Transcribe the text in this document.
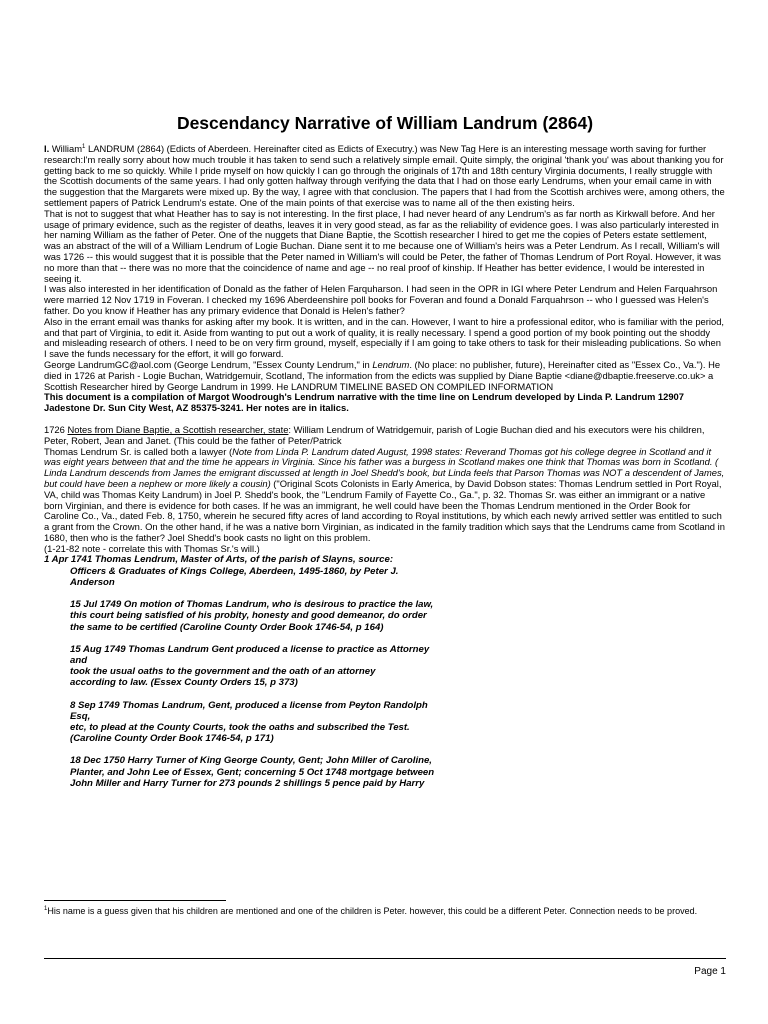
Descendancy Narrative of William Landrum (2864)

I. William$^1$ LANDRUM (2864) (Edicts of Aberdeen. Hereinafter cited as Edicts of Executry.) was New Tag Here is an interesting message worth saving for further research:I'm really sorry about how much trouble it has taken to send such a relatively simple email. Quite simply, the original 'thank you' was about thanking you for getting back to me so quickly. While I pride myself on how quickly I can go through the originals of 17th and 18th century Virginia documents, I really struggle with the Scottish documents of the same years. I had only gotten halfway through verifying the data that I had on those early Lendrums, when your email came in with the suggestion that the Margarets were mixed up. By the way, I agree with that conclusion. The papers that I had from the Scottish archives were, among others, the settlement papers of Patrick Lendrum's estate. One of the main points of that exercise was to name all of the then existing heirs.

That is not to suggest that what Heather has to say is not interesting. In the first place, I had never heard of any Lendrum's as far north as Kirkwall before. And her usage of primary evidence, such as the register of deaths, leaves it in very good stead, as far as the reliability of evidence goes. I was also particularly interested in her naming William as the father of Peter. One of the nuggets that Diane Baptie, the Scottish researcher I hired to get me the copies of Peters estate settlement, was an abstract of the will of a William Lendrum of Logie Buchan. Diane sent it to me because one of William's heirs was a Peter Lendrum. As I recall, William's will was 1726 -- this would suggest that it is possible that the Peter named in William's will could be Peter, the father of Thomas Lendrum of Port Royal. However, it was no more than that -- there was no more that the coincidence of name and age -- no real proof of kinship. If Heather has better evidence, I would be interested in seeing it.

I was also interested in her identification of Donald as the father of Helen Farquharson. I had seen in the OPR in IGI where Peter Lendrum and Helen Farquahrson were married 12 Nov 1719 in Foveran. I checked my 1696 Aberdeenshire poll books for Foveran and found a Donald Farquahrson -- who I guessed was Helen's father. Do you know if Heather has any primary evidence that Donald is Helen's father?

Also in the errant email was thanks for asking after my book. It is written, and in the can. However, I want to hire a professional editor, who is familiar with the period, and that part of Virginia, to edit it. Aside from wanting to put out a work of quality, it is really necessary. I spend a good portion of my book pointing out the shoddy and misleading research of others. I need to be on very firm ground, myself, especially if I am going to take others to task for their misleading publications. So when I save the funds necessary for the effort, it will go forward.

George LandrumGC@aol.com (George Lendrum, "Essex County Lendrum," in Lendrum. (No place: no publisher, future), Hereinafter cited as "Essex Co., Va."). He died in 1726 at Parish - Logie Buchan, Watridgemuir, Scotland, The information from the edicts was supplied by Diane Baptie <diane@dbaptie.freeserve.co.uk> a Scottish Researcher hired by George Landrum in 1999. He LANDRUM TIMELINE BASED ON COMPILED INFORMATION

This document is a compilation of Margot Woodrough's Lendrum narrative with the time line on Lendrum developed by Linda P. Landrum 12907 Jadestone Dr. Sun City West, AZ 85375-3241. Her notes are in italics.

1726 Notes from Diane Baptie, a Scottish researcher, state: William Lendrum of Watridgemuir, parish of Logie Buchan died and his executors were his children, Peter, Robert, Jean and Janet. (This could be the father of Peter/Patrick

Thomas Lendrum Sr. is called both a lawyer (Note from Linda P. Landrum dated August, 1998 states: Reverand Thomas got his college degree in Scotland and it was eight years between that and the time he appears in Virginia. Since his father was a burgess in Scotland makes one think that Thomas was born in Scotland. ( Linda Landrum descends from James the emigrant discussed at length in Joel Shedd's book, but Linda feels that Parson Thomas was NOT a descendent of James, but could have been a nephew or more likely a cousin) ("Original Scots Colonists in Early America, by David Dobson states: Thomas Lendrum settled in Port Royal, VA, child was Thomas Keity Landrum) in Joel P. Shedd's book, the "Lendrum Family of Fayette Co., Ga.", p. 32. Thomas Sr. was either an immigrant or a native born Virginian, and there is evidence for both cases. If he was an immigrant, he well could have been the Thomas Lendrum mentioned in the Order Book for Caroline Co., Va., dated Feb. 8, 1750, wherein he secured fifty acres of land according to Royal institutions, by which each newly arrived settler was entitled to such a grant from the Crown. On the other hand, if he was a native born Virginian, as indicated in the family tradition which says that the Lendrums came from Scotland in 1680, then who is the father? Joel Shedd's book casts no light on this problem.

(1-21-82 note - correlate this with Thomas Sr.'s will.)

1 Apr 1741 Thomas Lendrum, Master of Arts, of the parish of Slayns, source:
Officers & Graduates of Kings College, Aberdeen, 1495-1860, by Peter J.
Anderson
15 Jul 1749 On motion of Thomas Landrum, who is desirous to practice the law,
this court being satisfied of his probity, honesty and good demeanor, do order
the same to be certified (Caroline County Order Book 1746-54, p 164)
15 Aug 1749 Thomas Landrum Gent produced a license to practice as Attorney
and
took the usual oaths to the government and the oath of an attorney
according to law. (Essex County Orders 15, p 373)
8 Sep 1749 Thomas Landrum, Gent, produced a license from Peyton Randolph
Esq,
etc, to plead at the County Courts, took the oaths and subscribed the Test.
(Caroline County Order Book 1746-54, p 171)
18 Dec 1750 Harry Turner of King George County, Gent; John Miller of Caroline,
Planter, and John Lee of Essex, Gent; concerning 5 Oct 1748 mortgage between
John Miller and Harry Turner for 273 pounds 2 shillings 5 pence paid by Harry
$^1$His name is a guess given that his children are mentioned and one of the children is Peter. however, this could be a different Peter. Connection needs to be proved.
Page 1
